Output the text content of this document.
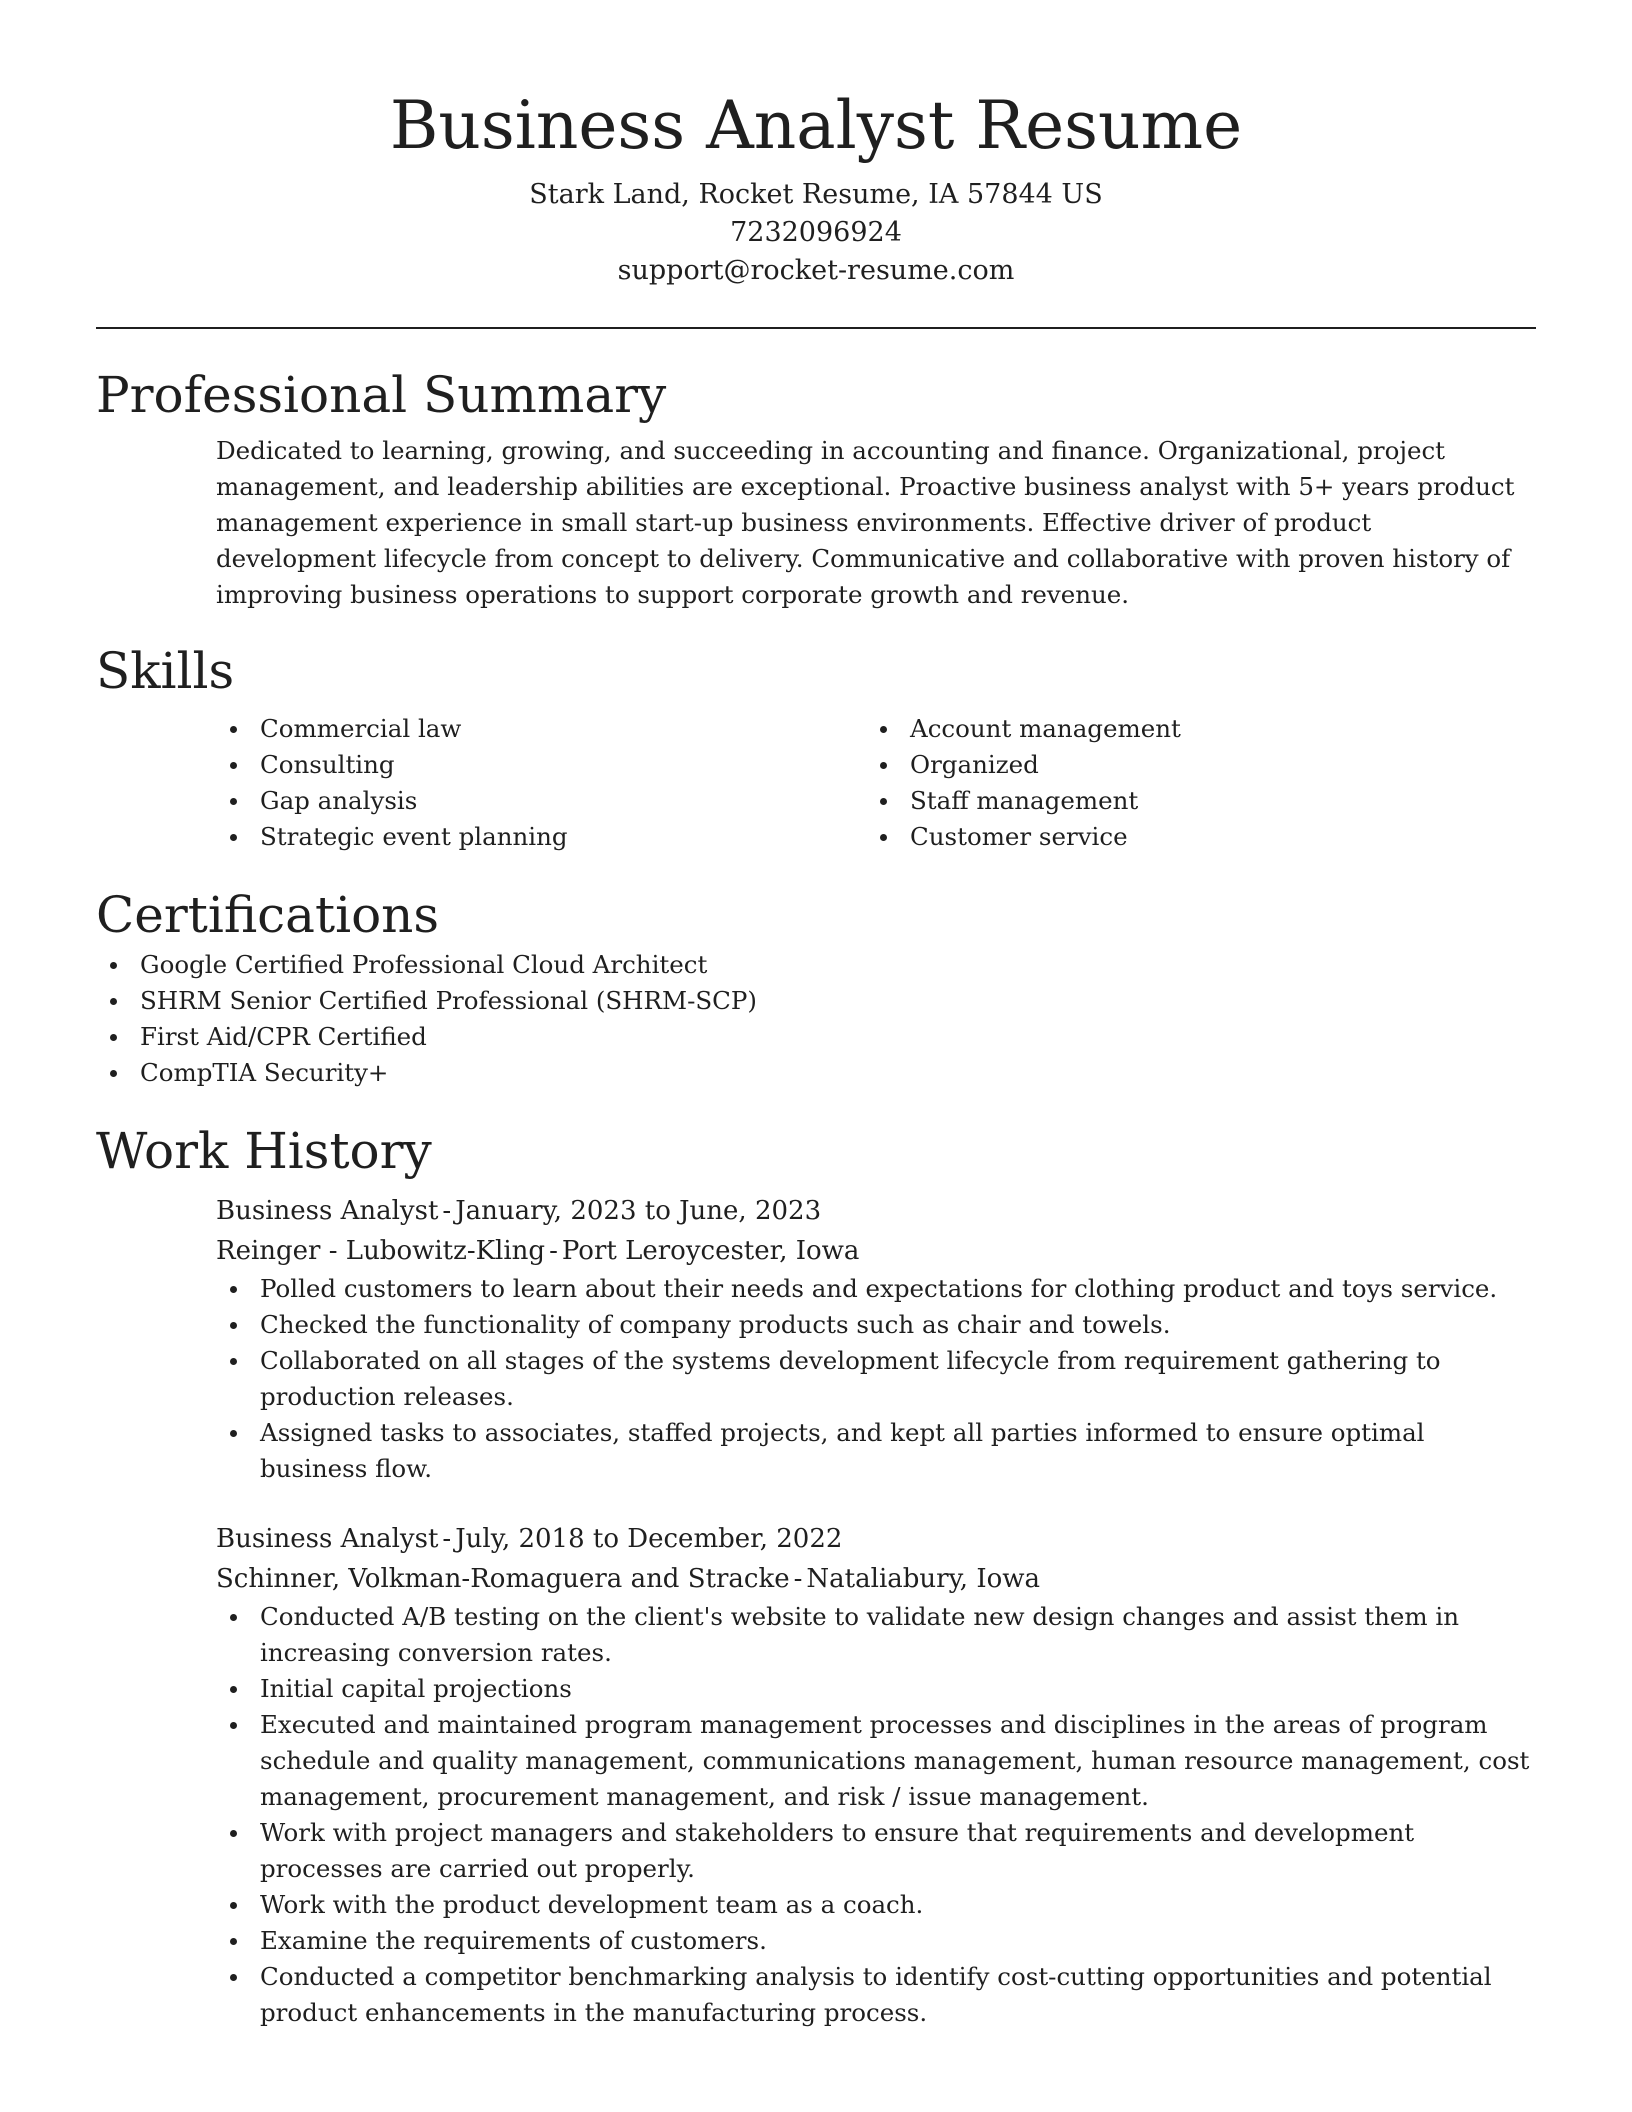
Business Analyst Resume

Stark Land, Rocket Resume, IA 57844 US

7232096924

support@rocket-resume.com

Professional Summary

Dedicated to learning, growing, and succeeding in accounting and finance. Organizational, project management, and leadership abilities are exceptional. Proactive business analyst with 5+ years product management experience in small start-up business environments. Effective driver of product development lifecycle from concept to delivery. Communicative and collaborative with proven history of improving business operations to support corporate growth and revenue.

Skills
Commercial law
Consulting
Gap analysis
Strategic event planning
Account management
Organized
Staff management
Customer service
Certifications
Google Certified Professional Cloud Architect
SHRM Senior Certified Professional (SHRM-SCP)
First Aid/CPR Certified
CompTIA Security+
Work History

Business Analyst - January, 2023 to June, 2023

Reinger - Lubowitz-Kling - Port Leroycester, Iowa

Polled customers to learn about their needs and expectations for clothing product and toys service.
Checked the functionality of company products such as chair and towels.
Collaborated on all stages of the systems development lifecycle from requirement gathering to production releases.
Assigned tasks to associates, staffed projects, and kept all parties informed to ensure optimal business flow.

Business Analyst - July, 2018 to December, 2022

Schinner, Volkman-Romaguera and Stracke - Nataliabury, Iowa

Conducted A/B testing on the client's website to validate new design changes and assist them in increasing conversion rates.
Initial capital projections
Executed and maintained program management processes and disciplines in the areas of program schedule and quality management, communications management, human resource management, cost management, procurement management, and risk / issue management.
Work with project managers and stakeholders to ensure that requirements and development processes are carried out properly.
Work with the product development team as a coach.
Examine the requirements of customers.
Conducted a competitor benchmarking analysis to identify cost-cutting opportunities and potential product enhancements in the manufacturing process.
